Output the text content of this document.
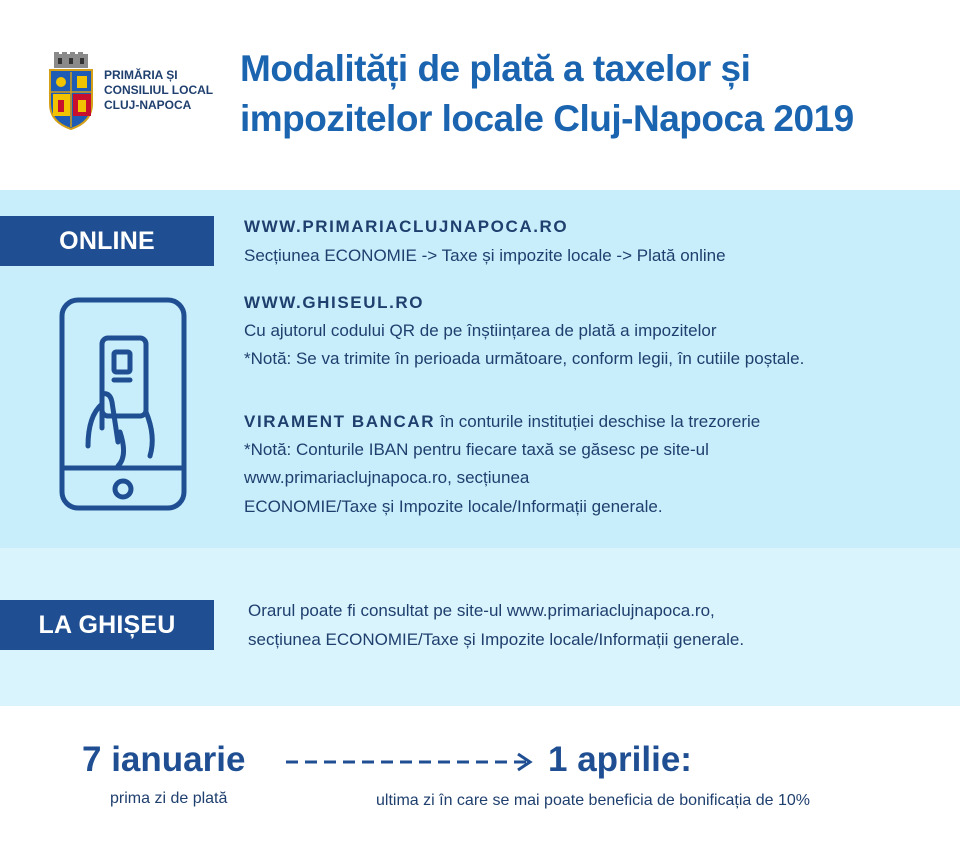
PRIMĂRIA ȘI
CONSILIUL LOCAL
CLUJ-NAPOCA
Modalități de plată a taxelor și
impozitelor locale Cluj-Napoca 2019
ONLINE
WWW.PRIMARIACLUJNAPOCA.RO
Secțiunea ECONOMIE -> Taxe și impozite locale -> Plată online
WWW.GHISEUL.RO
Cu ajutorul codului QR de pe înștiințarea de plată a impozitelor
*Notă: Se va trimite în perioada următoare, conform legii, în cutiile poștale.
VIRAMENT BANCAR în conturile instituției deschise la trezorerie
*Notă: Conturile IBAN pentru fiecare taxă se găsesc pe site-ul
www.primariaclujnapoca.ro, secțiunea
ECONOMIE/Taxe și Impozite locale/Informații generale.
LA GHIȘEU
Orarul poate fi consultat pe site-ul www.primariaclujnapoca.ro,
secțiunea ECONOMIE/Taxe și Impozite locale/Informații generale.
7 ianuarie
prima zi de plată
1 aprilie:
ultima zi în care se mai poate beneficia de bonificația de 10%
